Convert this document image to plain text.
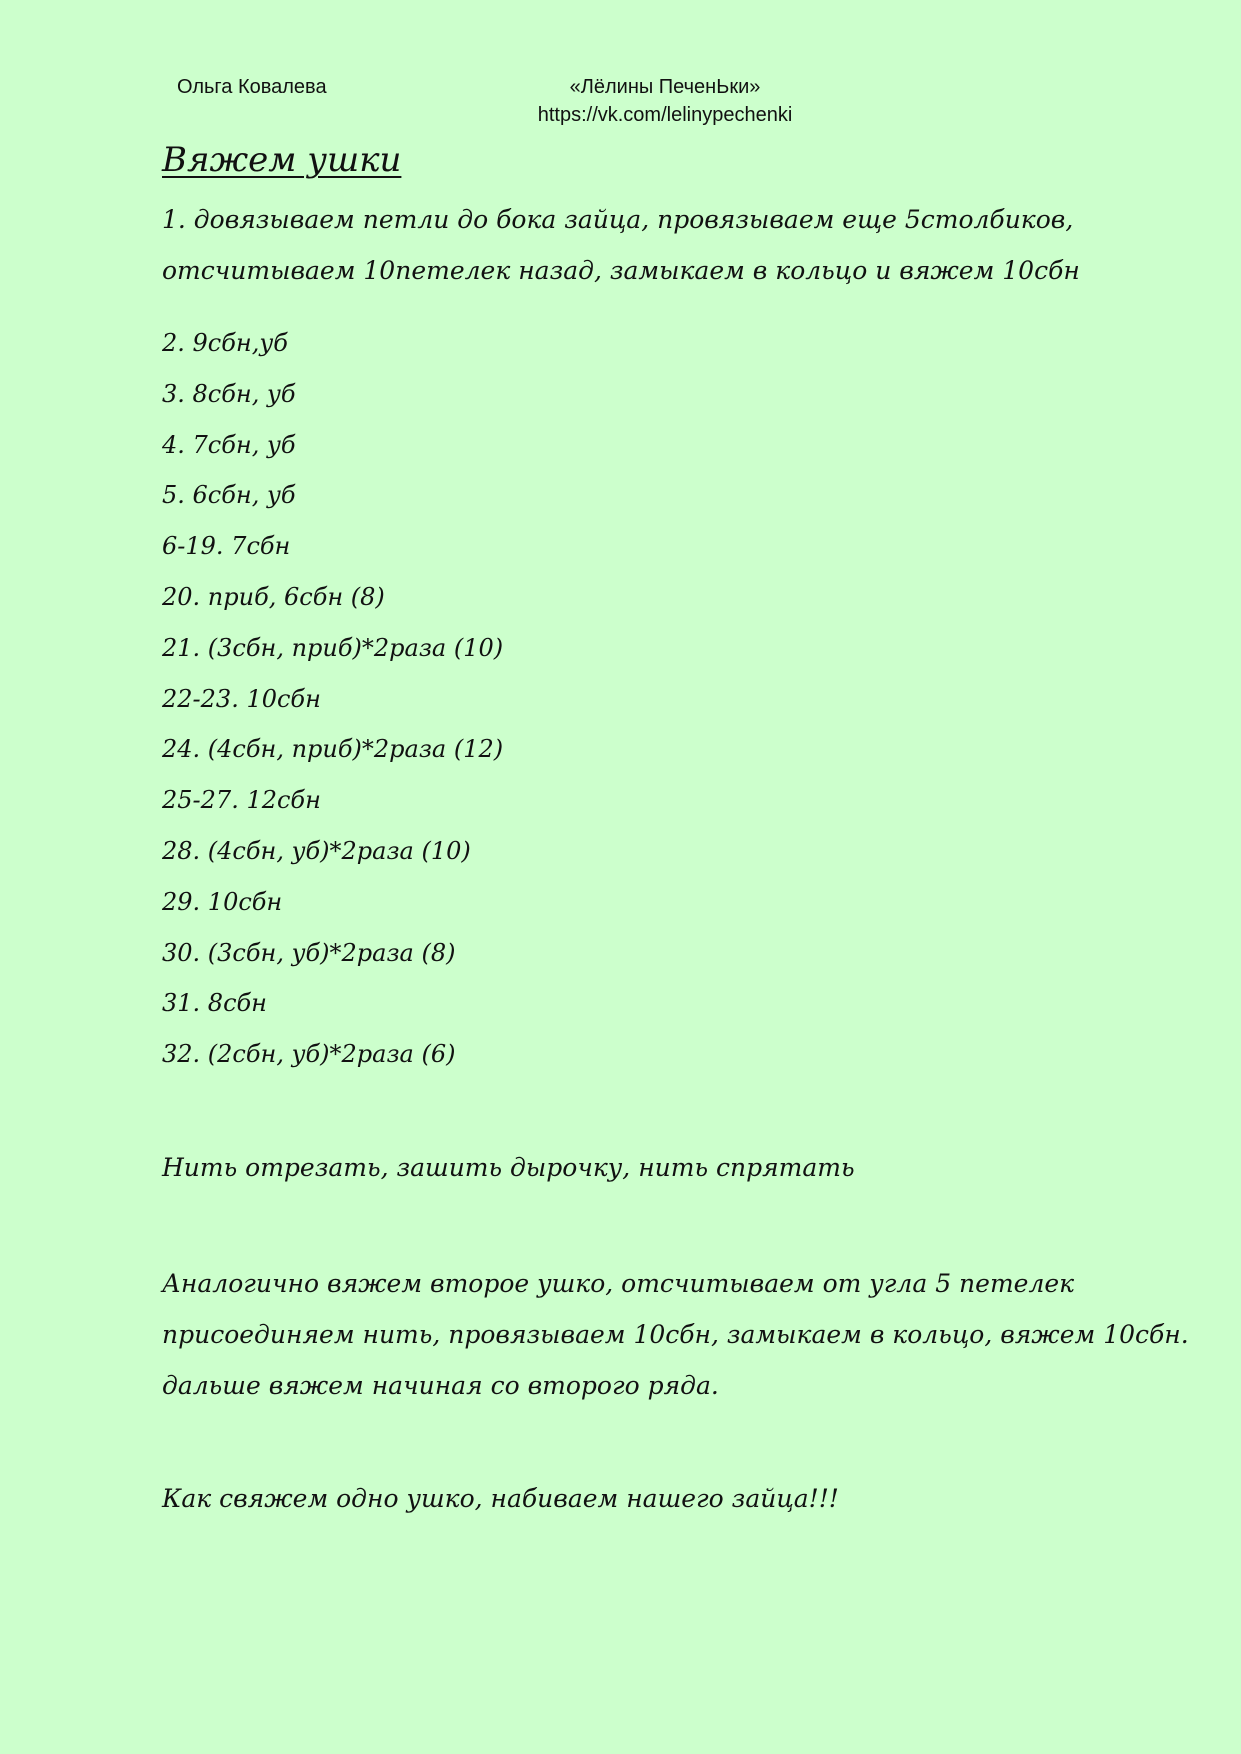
Ольга Ковалева	«Лёлины ПеченЬки»
https://vk.com/lelinypechenki
Вяжем ушки

1. довязываем петли до бока зайца, провязываем еще 5столбиков,

отсчитываем 10петелек назад, замыкаем в кольцо и вяжем 10сбн

2. 9сбн,уб
3. 8сбн, уб
4. 7сбн, уб
5. 6сбн, уб
6-19. 7сбн
20. приб, 6сбн (8)
21. (3сбн, приб)*2раза (10)
22-23. 10сбн
24. (4сбн, приб)*2раза (12)
25-27. 12сбн
28. (4сбн, уб)*2раза (10)
29. 10сбн
30. (3сбн, уб)*2раза (8)
31. 8сбн
32. (2сбн, уб)*2раза (6)

Нить отрезать, зашить дырочку, нить спрятать

Аналогично вяжем второе ушко, отсчитываем от угла 5 петелек

присоединяем нить, провязываем 10сбн, замыкаем в кольцо, вяжем 10сбн.

дальше вяжем начиная со второго ряда.

Как свяжем одно ушко, набиваем нашего зайца!!!
